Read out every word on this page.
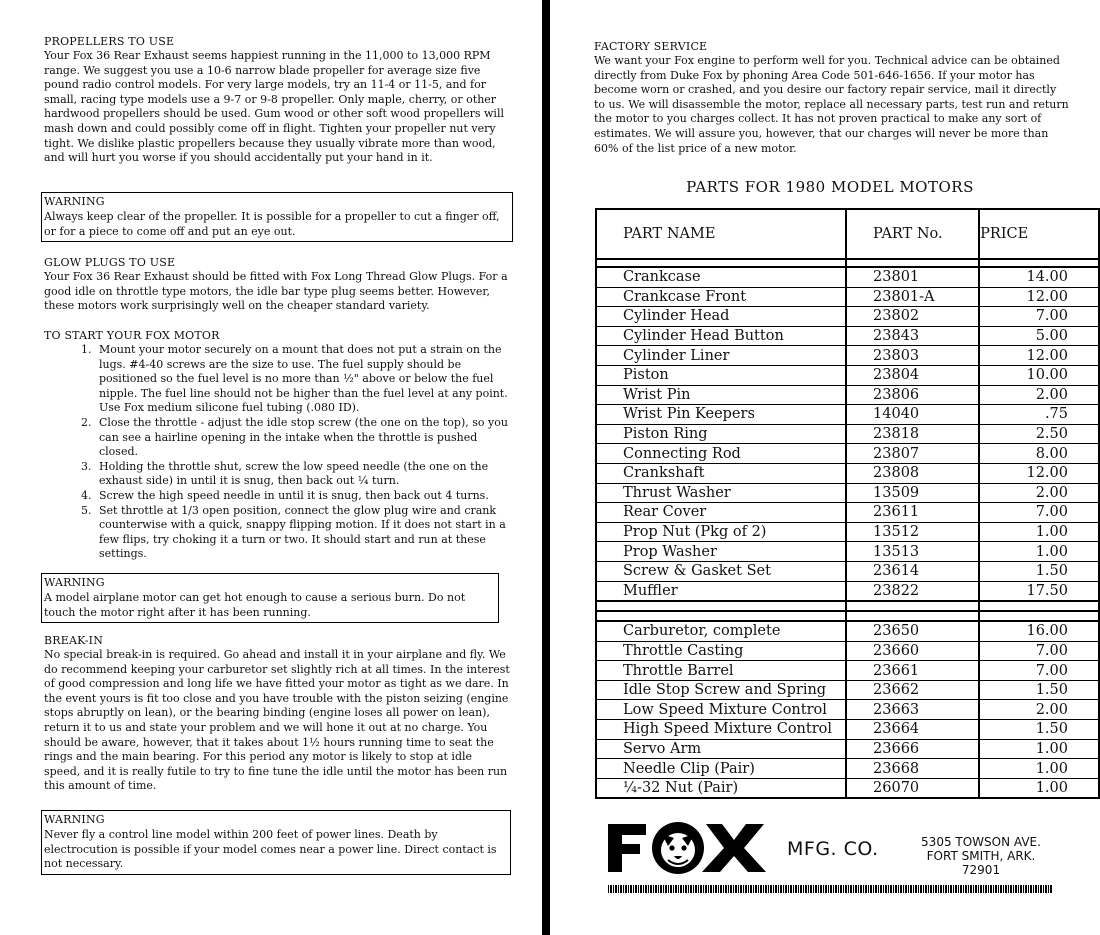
PROPELLERS TO USE

Your Fox 36 Rear Exhaust seems happiest running in the 11,000 to 13,000 RPM range. We suggest you use a 10-6 narrow blade propeller for average size five pound radio control models. For very large models, try an 11-4 or 11-5, and for small, racing type models use a 9-7 or 9-8 propeller. Only maple, cherry, or other hardwood propellers should be used. Gum wood or other soft wood propellers will mash down and could possibly come off in flight. Tighten your propeller nut very tight. We dislike plastic propellers because they usually vibrate more than wood, and will hurt you worse if you should accidentally put your hand in it.

WARNING

Always keep clear of the propeller. It is possible for a propeller to cut a finger off, or for a piece to come off and put an eye out.

GLOW PLUGS TO USE

Your Fox 36 Rear Exhaust should be fitted with Fox Long Thread Glow Plugs. For a good idle on throttle type motors, the idle bar type plug seems better. However, these motors work surprisingly well on the cheaper standard variety.

TO START YOUR FOX MOTOR

1. Mount your motor securely on a mount that does not put a strain on the lugs. #4-40 screws are the size to use. The fuel supply should be positioned so the fuel level is no more than ½" above or below the fuel nipple. The fuel line should not be higher than the fuel level at any point. Use Fox medium silicone fuel tubing (.080 ID).
2. Close the throttle - adjust the idle stop screw (the one on the top), so you can see a hairline opening in the intake when the throttle is pushed closed.
3. Holding the throttle shut, screw the low speed needle (the one on the exhaust side) in until it is snug, then back out ¼ turn.
4. Screw the high speed needle in until it is snug, then back out 4 turns.
5. Set throttle at 1/3 open position, connect the glow plug wire and crank counterwise with a quick, snappy flipping motion. If it does not start in a few flips, try choking it a turn or two. It should start and run at these settings.

WARNING

A model airplane motor can get hot enough to cause a serious burn. Do not touch the motor right after it has been running.

BREAK-IN

No special break-in is required. Go ahead and install it in your airplane and fly. We do recommend keeping your carburetor set slightly rich at all times. In the interest of good compression and long life we have fitted your motor as tight as we dare. In the event yours is fit too close and you have trouble with the piston seizing (engine stops abruptly on lean), or the bearing binding (engine loses all power on lean), return it to us and state your problem and we will hone it out at no charge. You should be aware, however, that it takes about 1½ hours running time to seat the rings and the main bearing. For this period any motor is likely to stop at idle speed, and it is really futile to try to fine tune the idle until the motor has been run this amount of time.

WARNING

Never fly a control line model within 200 feet of power lines. Death by electrocution is possible if your model comes near a power line. Direct contact is not necessary.

FACTORY SERVICE

We want your Fox engine to perform well for you. Technical advice can be obtained directly from Duke Fox by phoning Area Code 501-646-1656. If your motor has become worn or crashed, and you desire our factory repair service, mail it directly to us. We will disassemble the motor, replace all necessary parts, test run and return the motor to you charges collect. It has not proven practical to make any sort of estimates. We will assure you, however, that our charges will never be more than 60% of the list price of a new motor.

PARTS FOR 1980 MODEL MOTORS
PART NAME	PART No.	PRICE

Crankcase	23801	14.00
Crankcase Front	23801-A	12.00
Cylinder Head	23802	7.00
Cylinder Head Button	23843	5.00
Cylinder Liner	23803	12.00
Piston	23804	10.00
Wrist Pin	23806	2.00
Wrist Pin Keepers	14040	.75
Piston Ring	23818	2.50
Connecting Rod	23807	8.00
Crankshaft	23808	12.00
Thrust Washer	13509	2.00
Rear Cover	23611	7.00
Prop Nut (Pkg of 2)	13512	1.00
Prop Washer	13513	1.00
Screw & Gasket Set	23614	1.50
Muffler	23822	17.50

Carburetor, complete	23650	16.00
Throttle Casting	23660	7.00
Throttle Barrel	23661	7.00
Idle Stop Screw and Spring	23662	1.50
Low Speed Mixture Control	23663	2.00
High Speed Mixture Control	23664	1.50
Servo Arm	23666	1.00
Needle Clip (Pair)	23668	1.00
¼-32 Nut (Pair)	26070	1.00
MFG. CO.	5305 TOWSON AVE.
FORT SMITH, ARK. 72901
